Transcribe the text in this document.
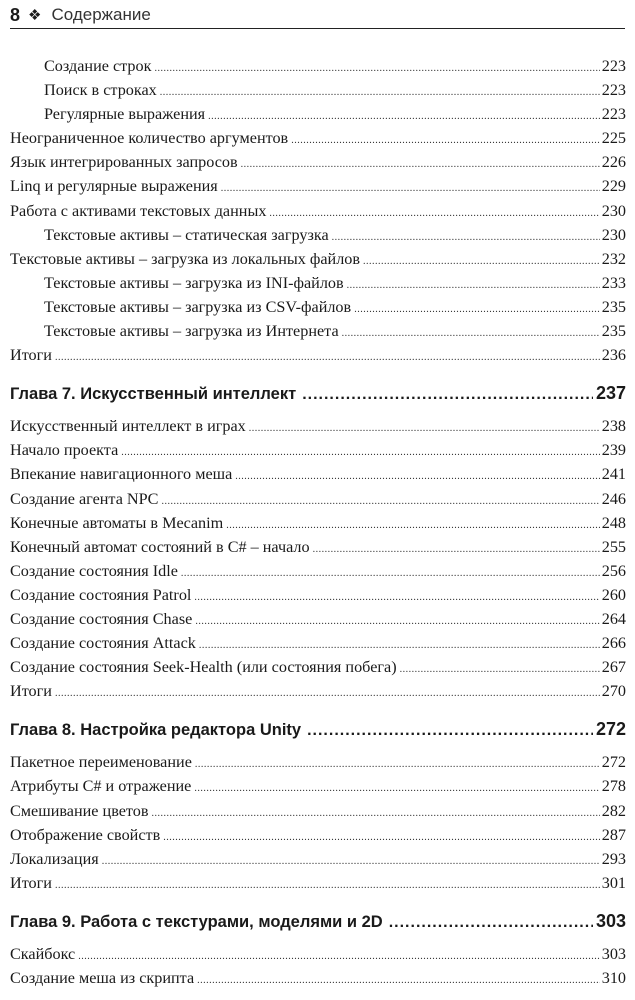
8 ❖ Содержание
Создание строк .....	223
Поиск в строках .....	223
Регулярные выражения .....	223
Неограниченное количество аргументов .....	225
Язык интегрированных запросов .....	226
Linq и регулярные выражения .....	229
Работа с активами текстовых данных .....	230
Текстовые активы – статическая загрузка .....	230
Текстовые активы – загрузка из локальных файлов .....	232
Текстовые активы – загрузка из INI-файлов .....	233
Текстовые активы – загрузка из CSV-файлов .....	235
Текстовые активы – загрузка из Интернета .....	235
Итоги .....	236
Глава 7. Искусственный интеллект .....	237
Искусственный интеллект в играх .....	238
Начало проекта .....	239
Впекание навигационного меша .....	241
Создание агента NPC .....	246
Конечные автоматы в Mecanim .....	248
Конечный автомат состояний в C# – начало .....	255
Создание состояния Idle .....	256
Создание состояния Patrol .....	260
Создание состояния Chase .....	264
Создание состояния Attack .....	266
Создание состояния Seek-Health (или состояния побега) .....	267
Итоги .....	270
Глава 8. Настройка редактора Unity .....	272
Пакетное переименование .....	272
Атрибуты C# и отражение .....	278
Смешивание цветов .....	282
Отображение свойств .....	287
Локализация .....	293
Итоги .....	301
Глава 9. Работа с текстурами, моделями и 2D .....	303
Скайбокс .....	303
Создание меша из скрипта .....	310
